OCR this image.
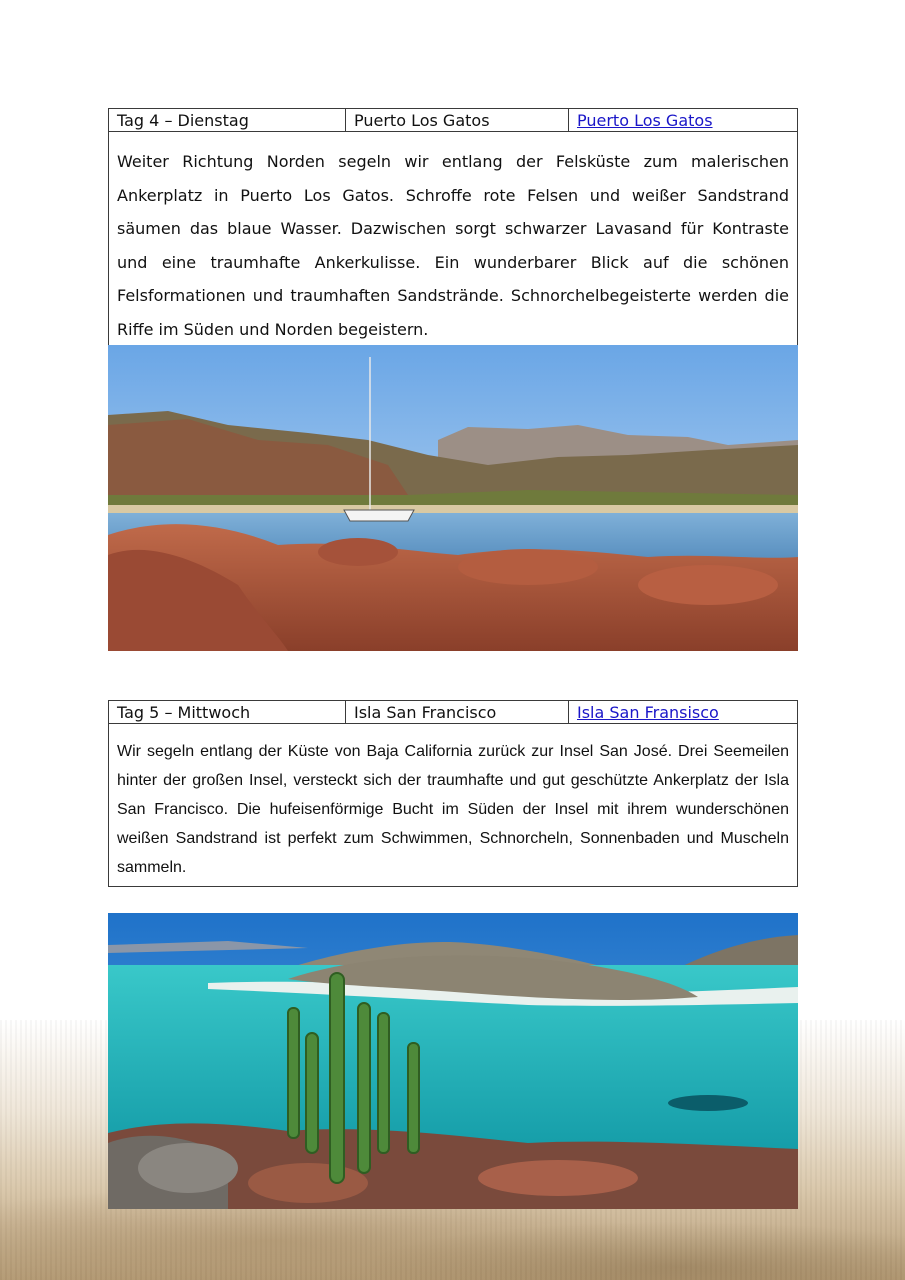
Tag 4 – Dienstag	Puerto Los Gatos	Puerto Los Gatos
Weiter Richtung Norden segeln wir entlang der Felsküste zum malerischen Ankerplatz in Puerto Los Gatos. Schroffe rote Felsen und weißer Sandstrand säumen das blaue Wasser. Dazwischen sorgt schwarzer Lavasand für Kontraste und eine traumhafte Ankerkulisse. Ein wunderbarer Blick auf die schönen Felsformationen und traumhaften Sandstrände. Schnorchelbegeisterte werden die Riffe im Süden und Norden begeistern.
Tag 5 – Mittwoch	Isla San Francisco	Isla San Fransisco
Wir segeln entlang der Küste von Baja California zurück zur Insel San José. Drei Seemeilen hinter der großen Insel, versteckt sich der traumhafte und gut geschützte Ankerplatz der Isla San Francisco. Die hufeisenförmige Bucht im Süden der Insel mit ihrem wunderschönen weißen Sandstrand ist perfekt zum Schwimmen, Schnorcheln, Sonnenbaden und Muscheln sammeln.
